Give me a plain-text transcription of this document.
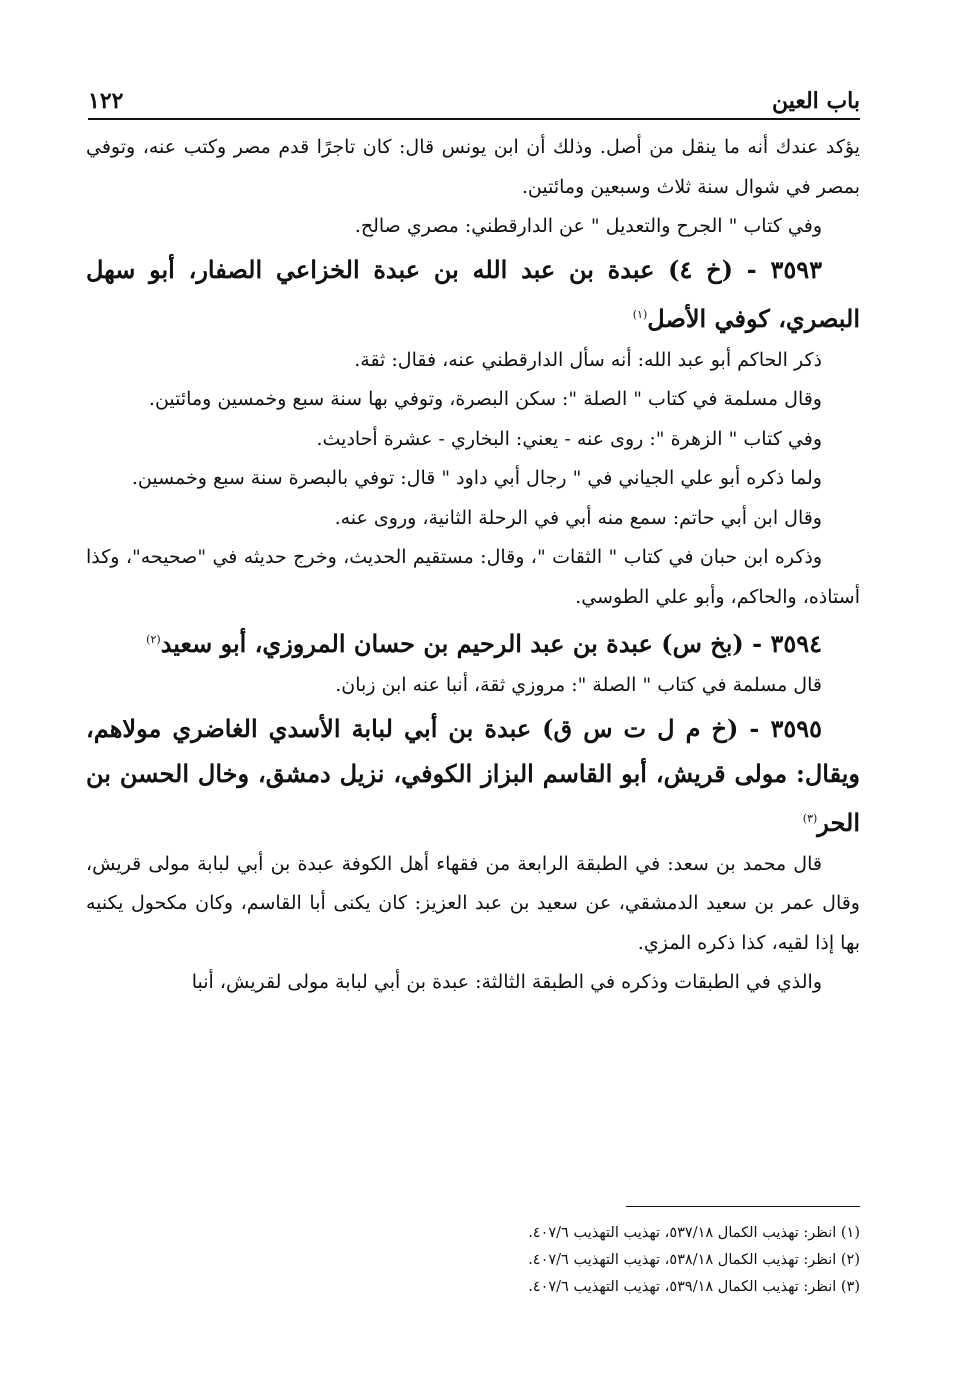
باب العين
١٢٢

يؤكد عندك أنه ما ينقل من أصل. وذلك أن ابن يونس قال: كان تاجرًا قدم مصر وكتب عنه، وتوفي بمصر في شوال سنة ثلاث وسبعين ومائتين.

وفي كتاب " الجرح والتعديل " عن الدارقطني: مصري صالح.

٣٥٩٣ - (خ ٤) عبدة بن عبد الله بن عبدة الخزاعي الصفار، أبو سهل البصري، كوفي الأصل$^{(١)}$

ذكر الحاكم أبو عبد الله: أنه سأل الدارقطني عنه، فقال: ثقة.

وقال مسلمة في كتاب " الصلة ": سكن البصرة، وتوفي بها سنة سبع وخمسين ومائتين.

وفي كتاب " الزهرة ": روى عنه - يعني: البخاري - عشرة أحاديث.

ولما ذكره أبو علي الجياني في " رجال أبي داود " قال: توفي بالبصرة سنة سبع وخمسين.

وقال ابن أبي حاتم: سمع منه أبي في الرحلة الثانية، وروى عنه.

وذكره ابن حبان في كتاب " الثقات "، وقال: مستقيم الحديث، وخرج حديثه في "صحيحه"، وكذا أستاذه، والحاكم، وأبو علي الطوسي.

٣٥٩٤ - (بخ س) عبدة بن عبد الرحيم بن حسان المروزي، أبو سعيد$^{(٢)}$

قال مسلمة في كتاب " الصلة ": مروزي ثقة، أنبا عنه ابن زبان.

٣٥٩٥ - (خ م ل ت س ق) عبدة بن أبي لبابة الأسدي الغاضري مولاهم، ويقال: مولى قريش، أبو القاسم البزاز الكوفي، نزيل دمشق، وخال الحسن بن الحر$^{(٣)}$

قال محمد بن سعد: في الطبقة الرابعة من فقهاء أهل الكوفة عبدة بن أبي لبابة مولى قريش، وقال عمر بن سعيد الدمشقي، عن سعيد بن عبد العزيز: كان يكنى أبا القاسم، وكان مكحول يكنيه بها إذا لقيه، كذا ذكره المزي.

والذي في الطبقات وذكره في الطبقة الثالثة: عبدة بن أبي لبابة مولى لقريش، أنبا

(١) انظر: تهذيب الكمال ٥٣٧/١٨، تهذيب التهذيب ٤٠٧/٦.

(٢) انظر: تهذيب الكمال ٥٣٨/١٨، تهذيب التهذيب ٤٠٧/٦.

(٣) انظر: تهذيب الكمال ٥٣٩/١٨، تهذيب التهذيب ٤٠٧/٦.
